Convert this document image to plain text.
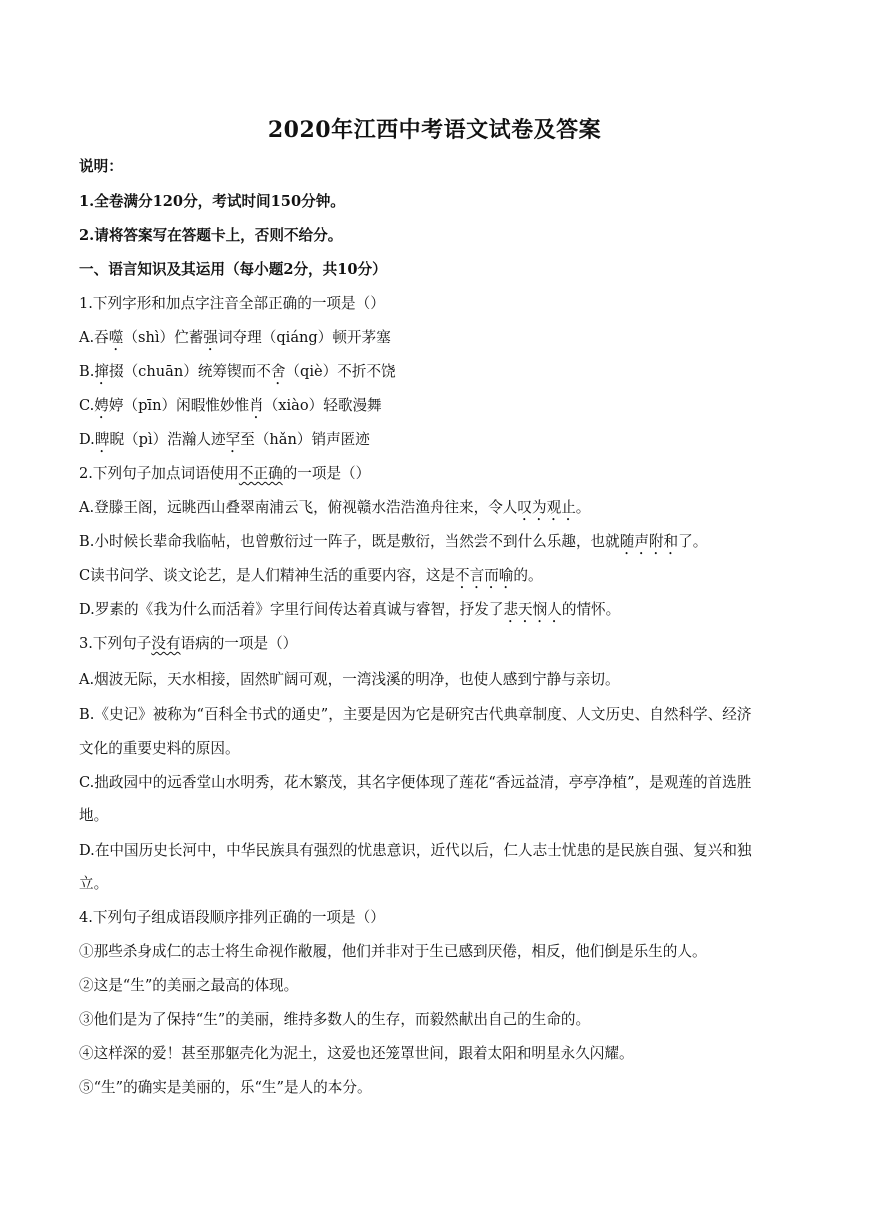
2020年江西中考语文试卷及答案
说明：
1.全卷满分120分，考试时间150分钟。
2.请将答案写在答题卡上，否则不给分。
一、语言知识及其运用（每小题2分，共10分）
1.下列字形和加点字注音全部正确的一项是（）
A.吞噬（shì）伫蓄强词夺理（qiáng）顿开茅塞
B.撺掇（chuān）统筹锲而不舍（qiè）不折不饶
C.娉婷（pīn）闲暇惟妙惟肖（xiào）轻歌漫舞
D.睥睨（pì）浩瀚人迹罕至（hǎn）销声匿迹
2.下列句子加点词语使用不正确的一项是（）
A.登滕王阁，远眺西山叠翠南浦云飞，俯视赣水浩浩渔舟往来，令人叹为观止。
B.小时候长辈命我临帖，也曾敷衍过一阵子，既是敷衍，当然尝不到什么乐趣，也就随声附和了。
C读书问学、谈文论艺，是人们精神生活的重要内容，这是不言而喻的。
D.罗素的《我为什么而活着》字里行间传达着真诚与睿智，抒发了悲天悯人的情怀。
3.下列句子没有语病的一项是（）
A.烟波无际，天水相接，固然旷阔可观，一湾浅溪的明净，也使人感到宁静与亲切。
B.《史记》被称为“百科全书式的通史”，主要是因为它是研究古代典章制度、人文历史、自然科学、经济
文化的重要史料的原因。
C.拙政园中的远香堂山水明秀，花木繁茂，其名字便体现了莲花“香远益清，亭亭净植”，是观莲的首选胜
地。
D.在中国历史长河中，中华民族具有强烈的忧患意识，近代以后，仁人志士忧患的是民族自强、复兴和独
立。
4.下列句子组成语段顺序排列正确的一项是（）
①那些杀身成仁的志士将生命视作敝履，他们并非对于生已感到厌倦，相反，他们倒是乐生的人。
②这是“生”的美丽之最高的体现。
③他们是为了保持“生”的美丽，维持多数人的生存，而毅然献出自己的生命的。
④这样深的爱！甚至那躯壳化为泥土，这爱也还笼罩世间，跟着太阳和明星永久闪耀。
⑤“生”的确实是美丽的，乐“生”是人的本分。
